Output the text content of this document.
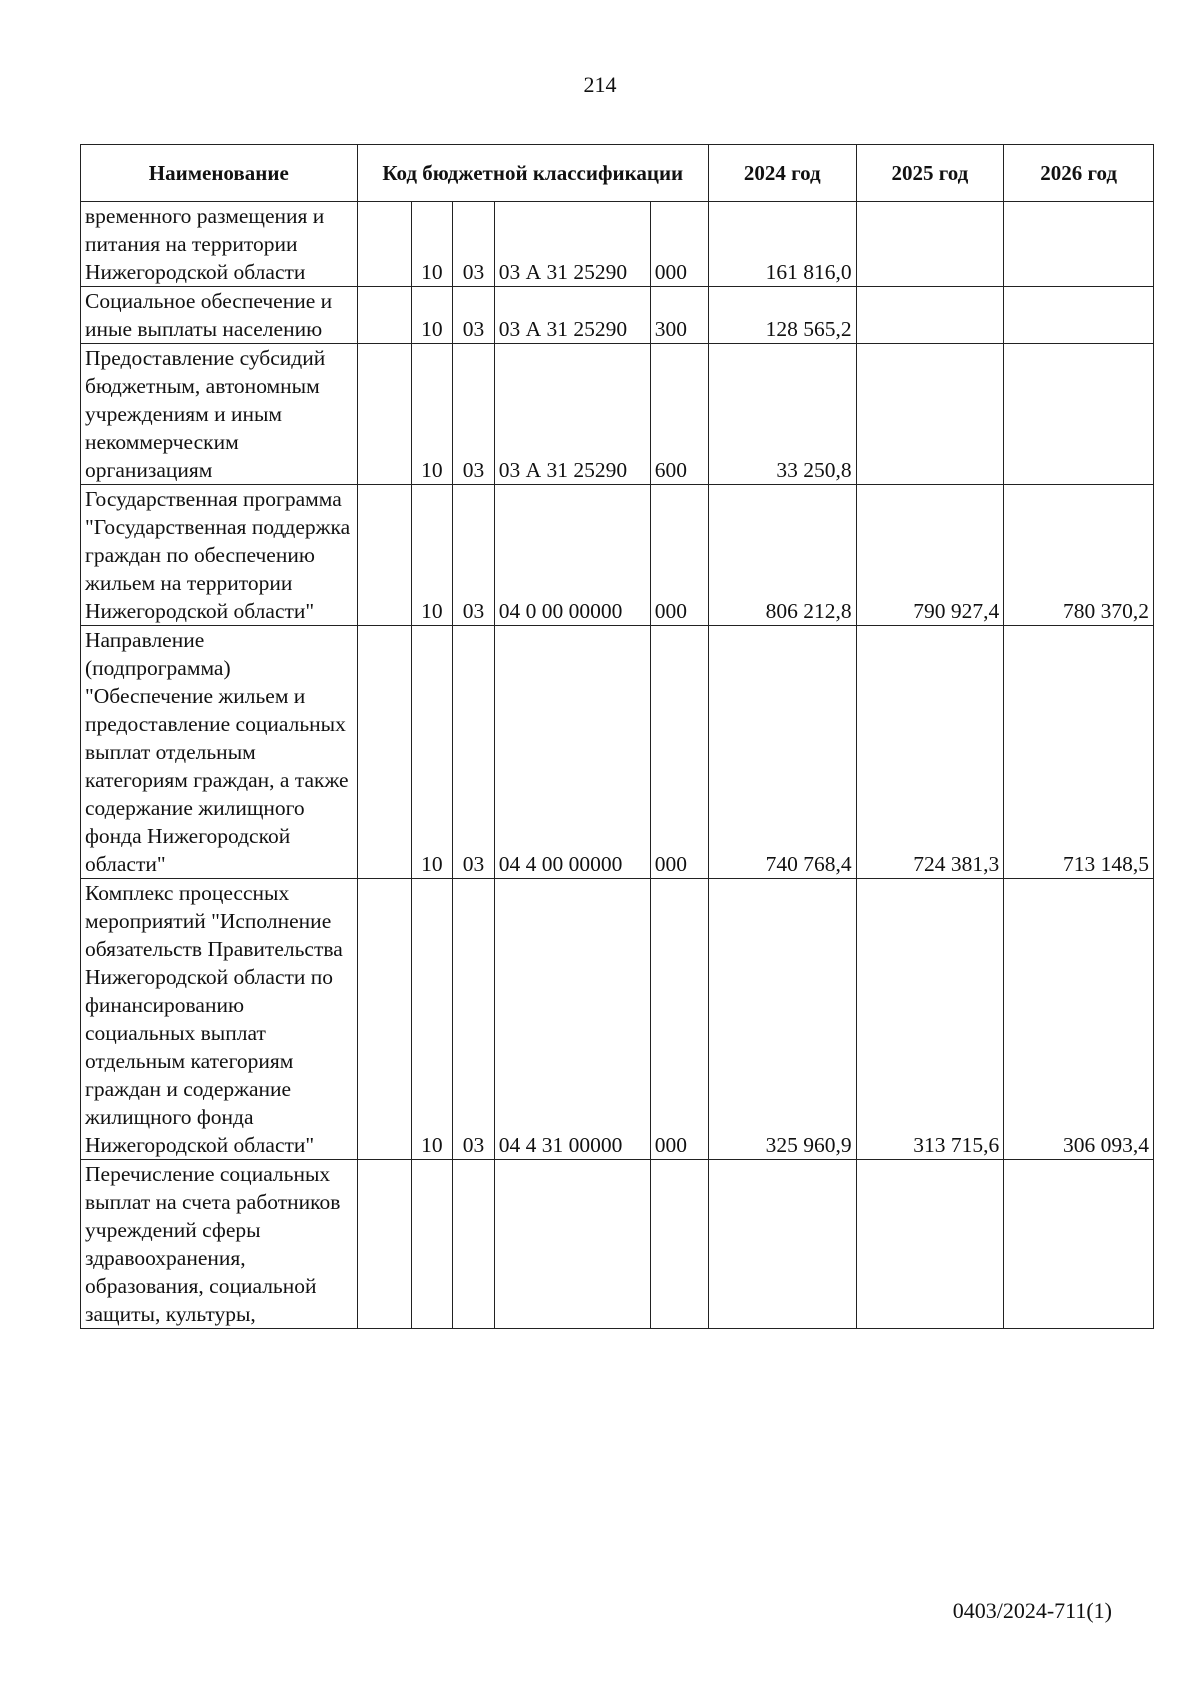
214
Наименование	Код бюджетной классификации					2024 год	2025 год	2026 год
временного размещения и питания на территории Нижегородской области		10	03	03 А 31 25290	000	161 816,0		
Социальное обеспечение и иные выплаты населению		10	03	03 А 31 25290	300	128 565,2		
Предоставление субсидий бюджетным, автономным учреждениям и иным некоммерческим организациям		10	03	03 А 31 25290	600	33 250,8		
Государственная программа "Государственная поддержка граждан по обеспечению жильем на территории Нижегородской области"		10	03	04 0 00 00000	000	806 212,8	790 927,4	780 370,2
Направление (подпрограмма) "Обеспечение жильем и предоставление социальных выплат отдельным категориям граждан, а также содержание жилищного фонда Нижегородской области"		10	03	04 4 00 00000	000	740 768,4	724 381,3	713 148,5
Комплекс процессных мероприятий "Исполнение обязательств Правительства Нижегородской области по финансированию социальных выплат отдельным категориям граждан и содержание жилищного фонда Нижегородской области"		10	03	04 4 31 00000	000	325 960,9	313 715,6	306 093,4
Перечисление социальных выплат на счета работников учреждений сферы здравоохранения, образования, социальной защиты, культуры,								
0403/2024-711(1)
